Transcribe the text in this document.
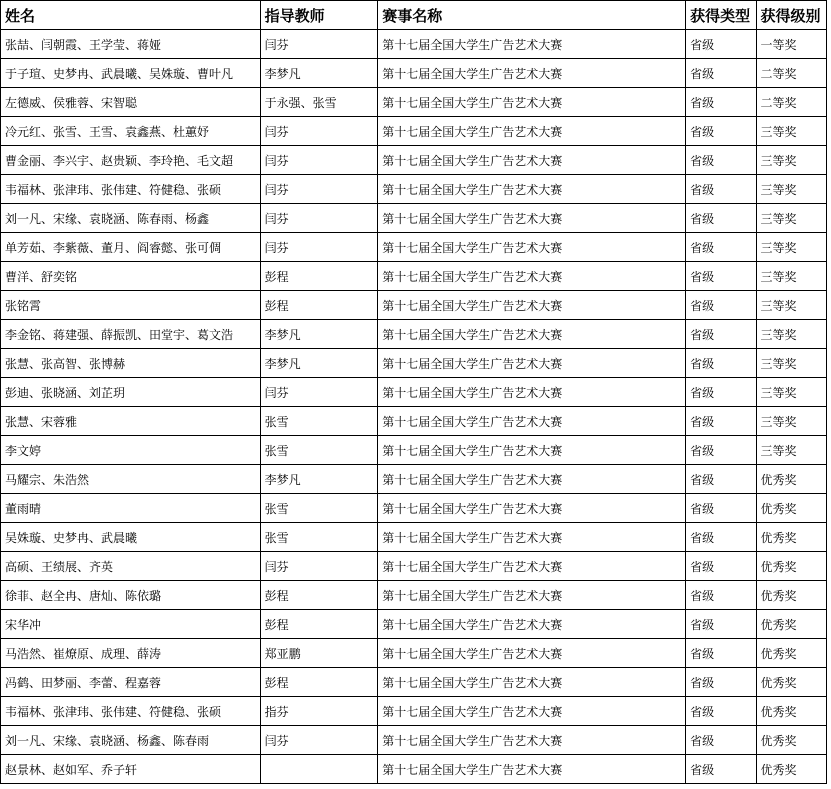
姓名	指导教师	赛事名称	获得类型	获得级别
张喆、闫朝霞、王学莹、蒋娅	闫芬	第十七届全国大学生广告艺术大赛	省级	一等奖
于子瑄、史梦冉、武晨曦、吴姝璇、曹叶凡	李梦凡	第十七届全国大学生广告艺术大赛	省级	二等奖
左德威、侯雅蓉、宋智聪	于永强、张雪	第十七届全国大学生广告艺术大赛	省级	二等奖
冷元红、张雪、王雪、袁鑫燕、杜蕙妤	闫芬	第十七届全国大学生广告艺术大赛	省级	三等奖
曹金丽、李兴宇、赵贵颖、李玲艳、毛文超	闫芬	第十七届全国大学生广告艺术大赛	省级	三等奖
韦福林、张津玮、张伟建、符健稳、张硕	闫芬	第十七届全国大学生广告艺术大赛	省级	三等奖
刘一凡、宋缘、袁晓涵、陈春雨、杨鑫	闫芬	第十七届全国大学生广告艺术大赛	省级	三等奖
单芳茹、李紫薇、董月、阎睿懿、张可倜	闫芬	第十七届全国大学生广告艺术大赛	省级	三等奖
曹洋、舒奕铭	彭程	第十七届全国大学生广告艺术大赛	省级	三等奖
张铭霄	彭程	第十七届全国大学生广告艺术大赛	省级	三等奖
李金铭、蒋建强、薛振凯、田堂宇、葛文浩	李梦凡	第十七届全国大学生广告艺术大赛	省级	三等奖
张慧、张高智、张博赫	李梦凡	第十七届全国大学生广告艺术大赛	省级	三等奖
彭迪、张晓涵、刘芷玥	闫芬	第十七届全国大学生广告艺术大赛	省级	三等奖
张慧、宋蓉雅	张雪	第十七届全国大学生广告艺术大赛	省级	三等奖
李文婷	张雪	第十七届全国大学生广告艺术大赛	省级	三等奖
马耀宗、朱浩然	李梦凡	第十七届全国大学生广告艺术大赛	省级	优秀奖
董雨晴	张雪	第十七届全国大学生广告艺术大赛	省级	优秀奖
吴姝璇、史梦冉、武晨曦	张雪	第十七届全国大学生广告艺术大赛	省级	优秀奖
高硕、王绩展、齐英	闫芬	第十七届全国大学生广告艺术大赛	省级	优秀奖
徐菲、赵全冉、唐灿、陈依璐	彭程	第十七届全国大学生广告艺术大赛	省级	优秀奖
宋华冲	彭程	第十七届全国大学生广告艺术大赛	省级	优秀奖
马浩然、崔燎原、成理、薛涛	郑亚鹏	第十七届全国大学生广告艺术大赛	省级	优秀奖
冯鹤、田梦丽、李蕾、程嘉蓉	彭程	第十七届全国大学生广告艺术大赛	省级	优秀奖
韦福林、张津玮、张伟建、符健稳、张硕	指芬	第十七届全国大学生广告艺术大赛	省级	优秀奖
刘一凡、宋缘、袁晓涵、杨鑫、陈春雨	闫芬	第十七届全国大学生广告艺术大赛	省级	优秀奖
赵景林、赵如军、乔子轩		第十七届全国大学生广告艺术大赛	省级	优秀奖
